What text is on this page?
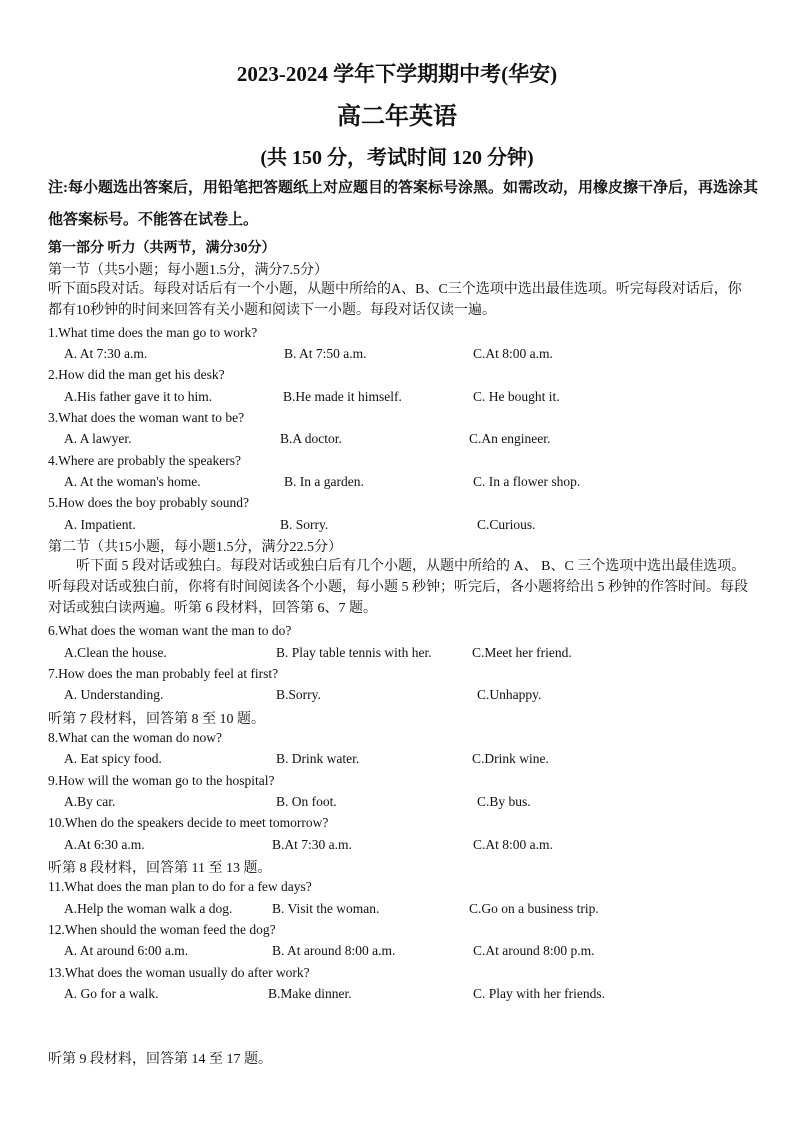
2023-2024 学年下学期期中考(华安)
高二年英语
(共 150 分，考试时间 120 分钟)
注:每小题选出答案后，用铅笔把答题纸上对应题目的答案标号涂黑。如需改动，用橡皮擦干净后，再选涂其他答案标号。不能答在试卷上。
第一部分 听力（共两节，满分30分）
第一节（共5小题；每小题1.5分，满分7.5分）
听下面5段对话。每段对话后有一个小题，从题中所给的A、B、C三个选项中选出最佳选项。听完每段对话后，你都有10秒钟的时间来回答有关小题和阅读下一小题。每段对话仅读一遍。
1.What time does the man go to work?
A. At 7:30 a.m.	B. At 7:50 a.m.	C.At 8:00 a.m.
2.How did the man get his desk?
A.His father gave it to him.	B.He made it himself.	C. He bought it.
3.What does the woman want to be?
A. A lawyer.	B.A doctor.	C.An engineer.
4.Where are probably the speakers?
A. At the woman's home.	B. In a garden.	C. In a flower shop.
5.How does the boy probably sound?
A. Impatient.	B. Sorry.	C.Curious.
第二节（共15小题，每小题1.5分，满分22.5分）
　　听下面 5 段对话或独白。每段对话或独白后有几个小题，从题中所给的 A、 B、C 三个选项中选出最佳选项。听每段对话或独白前，你将有时间阅读各个小题，每小题 5 秒钟；听完后，各小题将给出 5 秒钟的作答时间。每段对话或独白读两遍。听第 6 段材料，回答第 6、7 题。
6.What does the woman want the man to do?
A.Clean the house.	B. Play table tennis with her.	C.Meet her friend.
7.How does the man probably feel at first?
A. Understanding.	B.Sorry.	C.Unhappy.
听第 7 段材料，回答第 8 至 10 题。
8.What can the woman do now?
A. Eat spicy food.	B. Drink water.	C.Drink wine.
9.How will the woman go to the hospital?
A.By car.	B. On foot.	C.By bus.
10.When do the speakers decide to meet tomorrow?
A.At 6:30 a.m.	B.At 7:30 a.m.	C.At 8:00 a.m.
听第 8 段材料，回答第 11 至 13 题。
11.What does the man plan to do for a few days?
A.Help the woman walk a dog.	B. Visit the woman.	C.Go on a business trip.
12.When should the woman feed the dog?
A. At around 6:00 a.m.	B. At around 8:00 a.m.	C.At around 8:00 p.m.
13.What does the woman usually do after work?
A. Go for a walk.	B.Make dinner.	C. Play with her friends.
听第 9 段材料，回答第 14 至 17 题。
